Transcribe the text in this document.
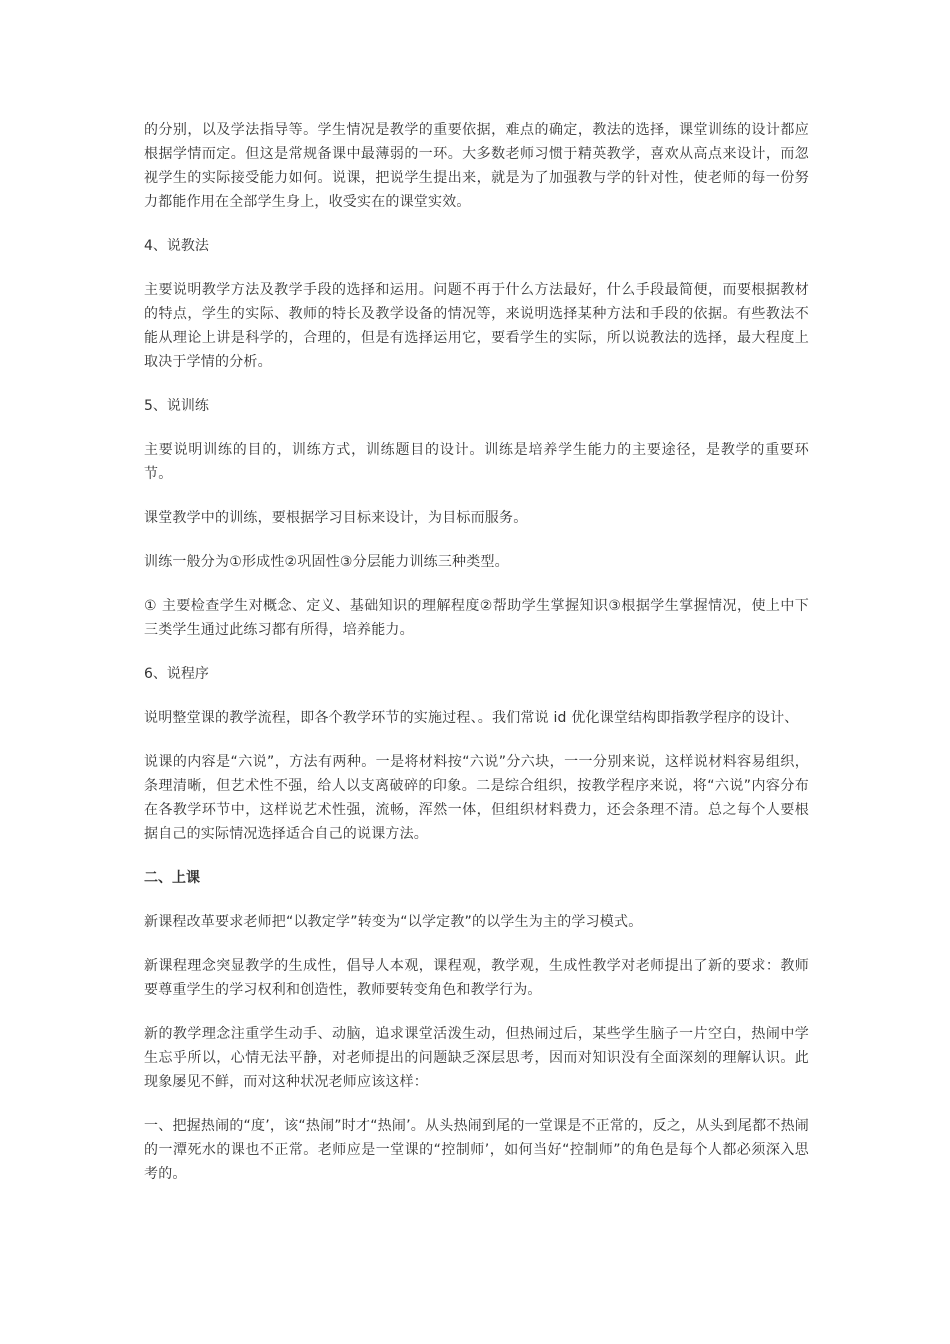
的分别，以及学法指导等。学生情况是教学的重要依据，难点的确定，教法的选择，课堂训练的设计都应根据学情而定。但这是常规备课中最薄弱的一环。大多数老师习惯于精英教学，喜欢从高点来设计，而忽视学生的实际接受能力如何。说课，把说学生提出来，就是为了加强教与学的针对性，使老师的每一份努力都能作用在全部学生身上，收受实在的课堂实效。

4、说教法

主要说明教学方法及教学手段的选择和运用。问题不再于什么方法最好，什么手段最简便，而要根据教材的特点，学生的实际、教师的特长及教学设备的情况等，来说明选择某种方法和手段的依据。有些教法不能从理论上讲是科学的，合理的，但是有选择运用它，要看学生的实际，所以说教法的选择，最大程度上取决于学情的分析。

5、说训练

主要说明训练的目的，训练方式，训练题目的设计。训练是培养学生能力的主要途径，是教学的重要环节。

课堂教学中的训练，要根据学习目标来设计，为目标而服务。

训练一般分为①形成性②巩固性③分层能力训练三种类型。

① 主要检查学生对概念、定义、基础知识的理解程度②帮助学生掌握知识③根据学生掌握情况，使上中下三类学生通过此练习都有所得，培养能力。

6、说程序

说明整堂课的教学流程，即各个教学环节的实施过程、。我们常说 id 优化课堂结构即指教学程序的设计、

说课的内容是“六说”，方法有两种。一是将材料按“六说”分六块，一一分别来说，这样说材料容易组织，条理清晰，但艺术性不强，给人以支离破碎的印象。二是综合组织，按教学程序来说，将“六说”内容分布在各教学环节中，这样说艺术性强，流畅，浑然一体，但组织材料费力，还会条理不清。总之每个人要根据自己的实际情况选择适合自己的说课方法。

二、上课

新课程改革要求老师把“以教定学”转变为“以学定教”的以学生为主的学习模式。

新课程理念突显教学的生成性，倡导人本观，课程观，教学观，生成性教学对老师提出了新的要求：教师要尊重学生的学习权利和创造性，教师要转变角色和教学行为。

新的教学理念注重学生动手、动脑，追求课堂活泼生动，但热闹过后，某些学生脑子一片空白，热闹中学生忘乎所以，心情无法平静，对老师提出的问题缺乏深层思考，因而对知识没有全面深刻的理解认识。此现象屡见不鲜，而对这种状况老师应该这样：

一、把握热闹的“度’，该“热闹”时才“热闹’。从头热闹到尾的一堂课是不正常的，反之，从头到尾都不热闹的一潭死水的课也不正常。老师应是一堂课的“控制师’，如何当好“控制师”的角色是每个人都必须深入思考的。
